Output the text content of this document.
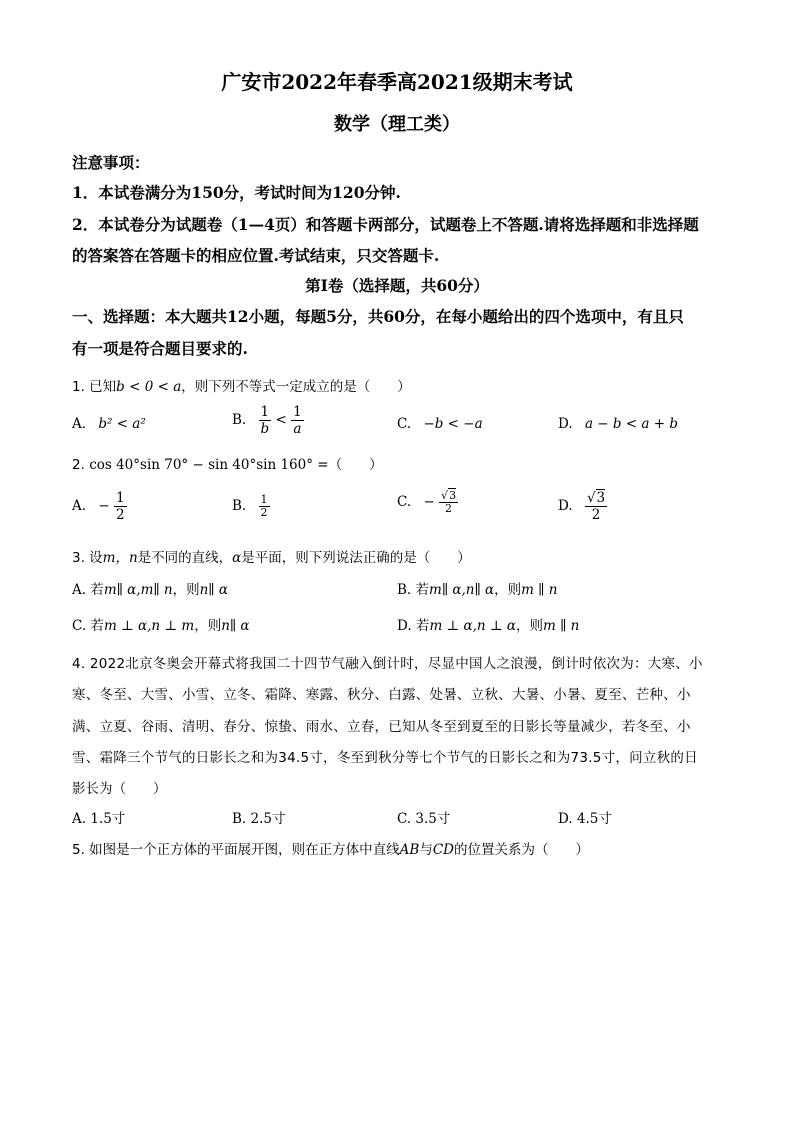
广安市2022年春季高2021级期末考试
数学（理工类）
注意事项：
1．本试卷满分为150分，考试时间为120分钟.
2．本试卷分为试题卷（1—4页）和答题卡两部分，试题卷上不答题.请将选择题和非选择题
的答案答在答题卡的相应位置.考试结束，只交答题卡.
第Ⅰ卷（选择题，共60分）
一、选择题：本大题共12小题，每题5分，共60分，在每小题给出的四个选项中，有且只
有一项是符合题目要求的.
1. 已知b < 0 < a，则下列不等式一定成立的是（　　）
A. b² < a²	B. $\frac{1}{b} < \frac{1}{a}$	C. −b < −a	D. a − b < a + b
2. cos 40°sin 70° − sin 40°sin 160° =（　　）
A. − $\frac{1}{2}$	B. $\frac{1}{2}$	C. − $\frac{√3}{2}$	D. $\frac{√3}{2}$
3. 设m，n是不同的直线，α是平面，则下列说法正确的是（　　）
A. 若m∥ α,m∥ n，则n∥ α	B. 若m∥ α,n∥ α，则m ∥ n
C. 若m ⊥ α,n ⊥ m，则n∥ α	D. 若m ⊥ α,n ⊥ α，则m ∥ n
4. 2022北京冬奥会开幕式将我国二十四节气融入倒计时，尽显中国人之浪漫，倒计时依次为：大寒、小
寒、冬至、大雪、小雪、立冬、霜降、寒露、秋分、白露、处暑、立秋、大暑、小暑、夏至、芒种、小
满、立夏、谷雨、清明、春分、惊蛰、雨水、立春，已知从冬至到夏至的日影长等量减少，若冬至、小
雪、霜降三个节气的日影长之和为34.5寸，冬至到秋分等七个节气的日影长之和为73.5寸，问立秋的日
影长为（　　）
A. 1.5寸	B. 2.5寸	C. 3.5寸	D. 4.5寸
5. 如图是一个正方体的平面展开图，则在正方体中直线AB与CD的位置关系为（　　）
